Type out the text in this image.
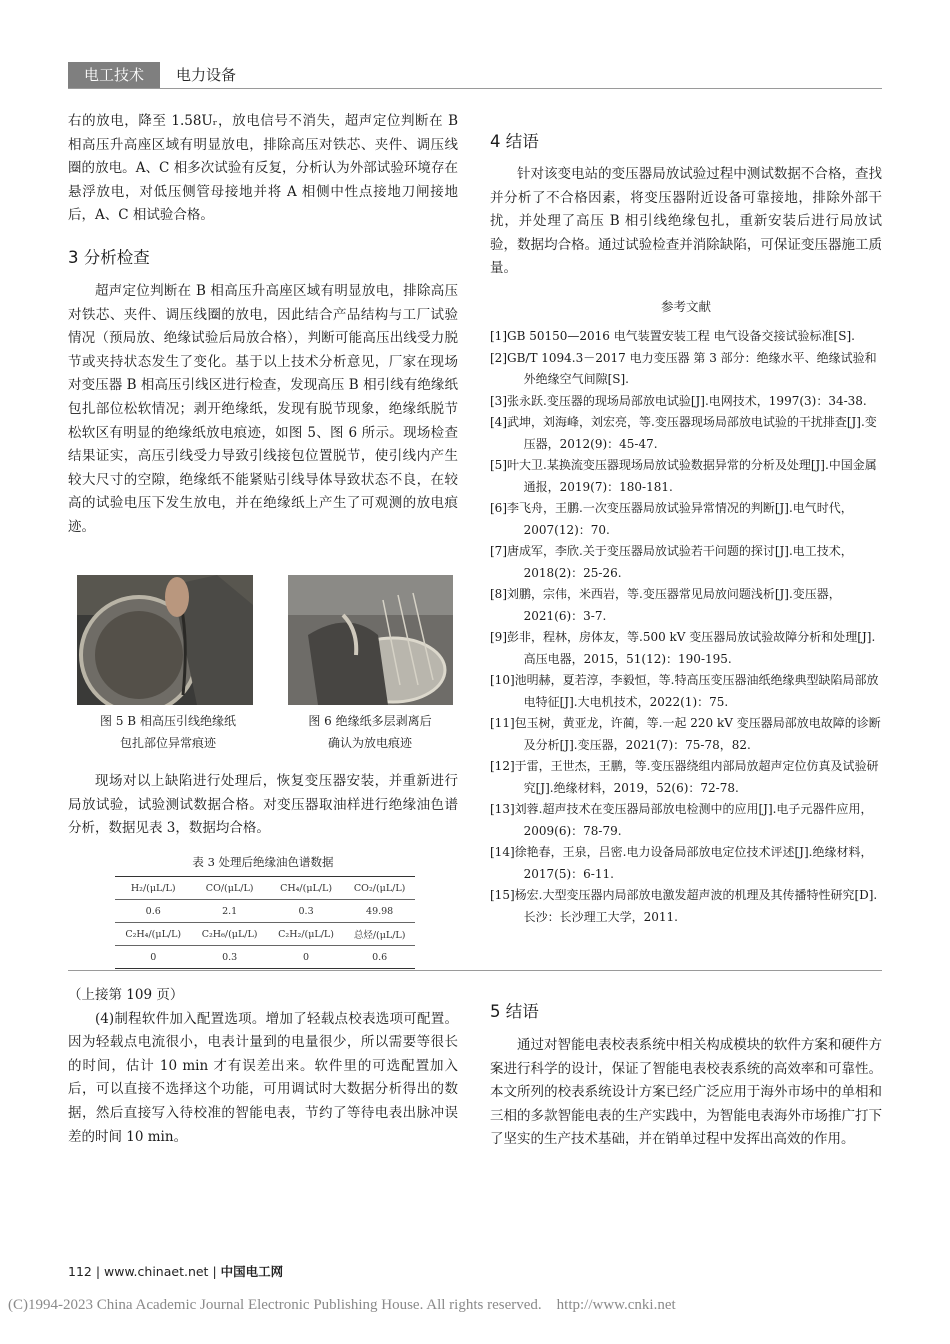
电工技术	电力设备

右的放电，降至 1.58Uᵣ，放电信号不消失，超声定位判断在 B 相高压升高座区域有明显放电，排除高压对铁芯、夹件、调压线圈的放电。A、C 相多次试验有反复，分析认为外部试验环境存在悬浮放电，对低压侧管母接地并将 A 相侧中性点接地刀闸接地后，A、C 相试验合格。

3 分析检查

超声定位判断在 B 相高压升高座区域有明显放电，排除高压对铁芯、夹件、调压线圈的放电，因此结合产品结构与工厂试验情况（预局放、绝缘试验后局放合格），判断可能高压出线受力脱节或夹持状态发生了变化。基于以上技术分析意见，厂家在现场对变压器 B 相高压引线区进行检查，发现高压 B 相引线有绝缘纸包扎部位松软情况；剥开绝缘纸，发现有脱节现象，绝缘纸脱节松软区有明显的绝缘纸放电痕迹，如图 5、图 6 所示。现场检查结果证实，高压引线受力导致引线接包位置脱节，使引线内产生较大尺寸的空隙，绝缘纸不能紧贴引线导体导致状态不良，在较高的试验电压下发生放电，并在绝缘纸上产生了可观测的放电痕迹。

图 5 B 相高压引线绝缘纸
包扎部位异常痕迹
图 6 绝缘纸多层剥离后
确认为放电痕迹

现场对以上缺陷进行处理后，恢复变压器安装，并重新进行局放试验，试验测试数据合格。对变压器取油样进行绝缘油色谱分析，数据见表 3，数据均合格。

表 3 处理后绝缘油色谱数据
H₂/(μL/L)	CO/(μL/L)	CH₄/(μL/L)	CO₂/(μL/L)
0.6	2.1	0.3	49.98
C₂H₄/(μL/L)	C₂H₆/(μL/L)	C₂H₂/(μL/L)	总烃/(μL/L)
0	0.3	0	0.6
4 结语

针对该变电站的变压器局放试验过程中测试数据不合格，查找并分析了不合格因素，将变压器附近设备可靠接地，排除外部干扰，并处理了高压 B 相引线绝缘包扎，重新安装后进行局放试验，数据均合格。通过试验检查并消除缺陷，可保证变压器施工质量。

参考文献
[1]GB 50150—2016 电气装置安装工程 电气设备交接试验标准[S].
[2]GB/T 1094.3－2017 电力变压器 第 3 部分：绝缘水平、绝缘试验和外绝缘空气间隙[S].
[3]张永跃.变压器的现场局部放电试验[J].电网技术，1997(3)：34-38.
[4]武坤，刘海峰，刘宏亮，等.变压器现场局部放电试验的干扰排查[J].变压器，2012(9)：45-47.
[5]叶大卫.某换流变压器现场局放试验数据异常的分析及处理[J].中国金属通报，2019(7)：180-181.
[6]李飞舟，王鹏.一次变压器局放试验异常情况的判断[J].电气时代，2007(12)：70.
[7]唐成军，李欣.关于变压器局放试验若干问题的探讨[J].电工技术，2018(2)：25-26.
[8]刘鹏，宗伟，米西岩，等.变压器常见局放问题浅析[J].变压器，2021(6)：3-7.
[9]彭非，程林，房体友，等.500 kV 变压器局放试验故障分析和处理[J].高压电器，2015，51(12)：190-195.
[10]池明赫，夏若淳，李毅恒，等.特高压变压器油纸绝缘典型缺陷局部放电特征[J].大电机技术，2022(1)：75.
[11]包玉树，黄亚龙，许蔺，等.一起 220 kV 变压器局部放电故障的诊断及分析[J].变压器，2021(7)：75-78，82.
[12]于雷，王世杰，王鹏，等.变压器绕组内部局放超声定位仿真及试验研究[J].绝缘材料，2019，52(6)：72-78.
[13]刘蓉.超声技术在变压器局部放电检测中的应用[J].电子元器件应用，2009(6)：78-79.
[14]徐艳春，王泉，吕密.电力设备局部放电定位技术评述[J].绝缘材料，2017(5)：6-11.
[15]杨宏.大型变压器内局部放电激发超声波的机理及其传播特性研究[D].长沙：长沙理工大学，2011.

（上接第 109 页）

(4)制程软件加入配置选项。增加了轻载点校表选项可配置。因为轻载点电流很小，电表计量到的电量很少，所以需要等很长的时间，估计 10 min 才有误差出来。软件里的可选配置加入后，可以直接不选择这个功能，可用调试时大数据分析得出的数据，然后直接写入待校准的智能电表，节约了等待电表出脉冲误差的时间 10 min。

5 结语

通过对智能电表校表系统中相关构成模块的软件方案和硬件方案进行科学的设计，保证了智能电表校表系统的高效率和可靠性。本文所列的校表系统设计方案已经广泛应用于海外市场中的单相和三相的多款智能电表的生产实践中，为智能电表海外市场推广打下了坚实的生产技术基础，并在销单过程中发挥出高效的作用。

112 | www.chinaet.net | 中国电工网
(C)1994-2023 China Academic Journal Electronic Publishing House. All rights reserved.    http://www.cnki.net
